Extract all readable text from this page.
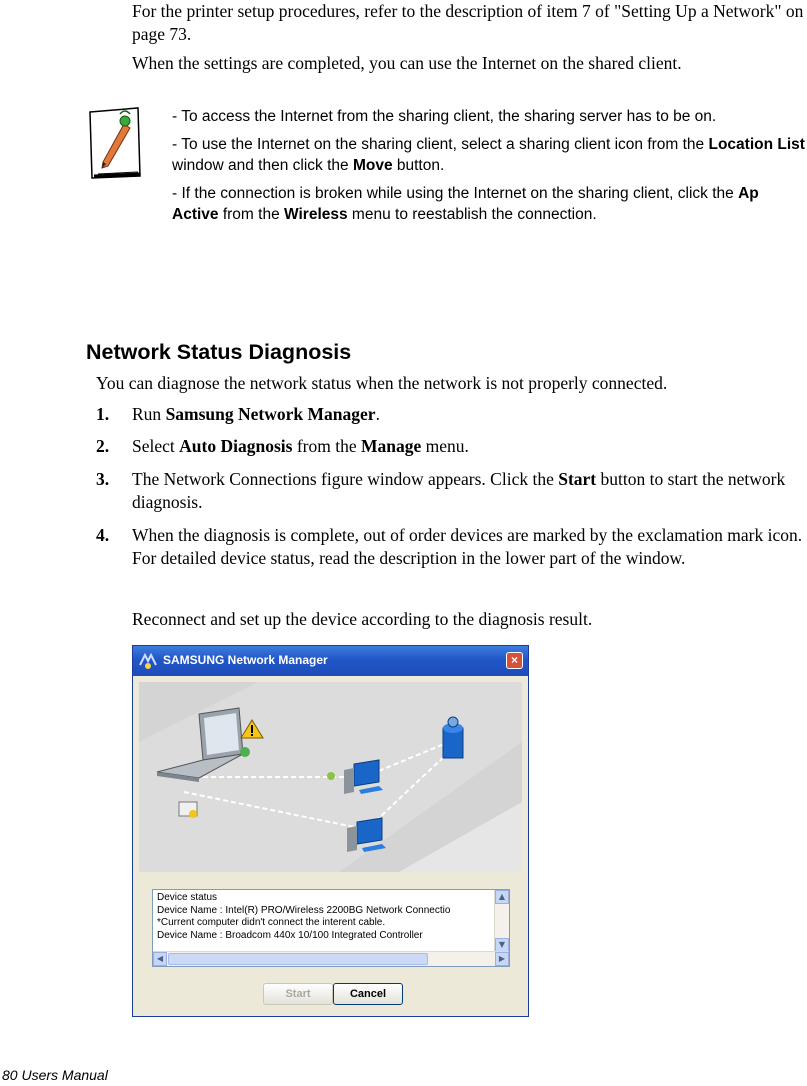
For the printer setup procedures, refer to the description of item 7 of "Setting Up a Network" on page 73.
When the settings are completed, you can use the Internet on the shared client.

- To access the Internet from the sharing client, the sharing server has to be on.

- To use the Internet on the sharing client, select a sharing client icon from the Location List window and then click the Move button.

- If the connection is broken while using the Internet on the sharing client, click the Ap Active from the Wireless menu to reestablish the connection.

Network Status Diagnosis
You can diagnose the network status when the network is not properly connected.
1.	Run Samsung Network Manager.
2.	Select Auto Diagnosis from the Manage menu.
3.	The Network Connections figure window appears. Click the Start button to start the network diagnosis.
4.	When the diagnosis is complete, out of order devices are marked by the exclamation mark icon. For detailed device status, read the description in the lower part of the window.
Reconnect and set up the device according to the diagnosis result.
SAMSUNG Network Manager	×
Device status
Device Name : Intel(R) PRO/Wireless 2200BG Network Connectio
*Current computer didn't connect the interent cable.
Device Name : Broadcom 440x 10/100 Integrated Controller
▲
▼
◀	▶
Start	Cancel
80 Users Manual
